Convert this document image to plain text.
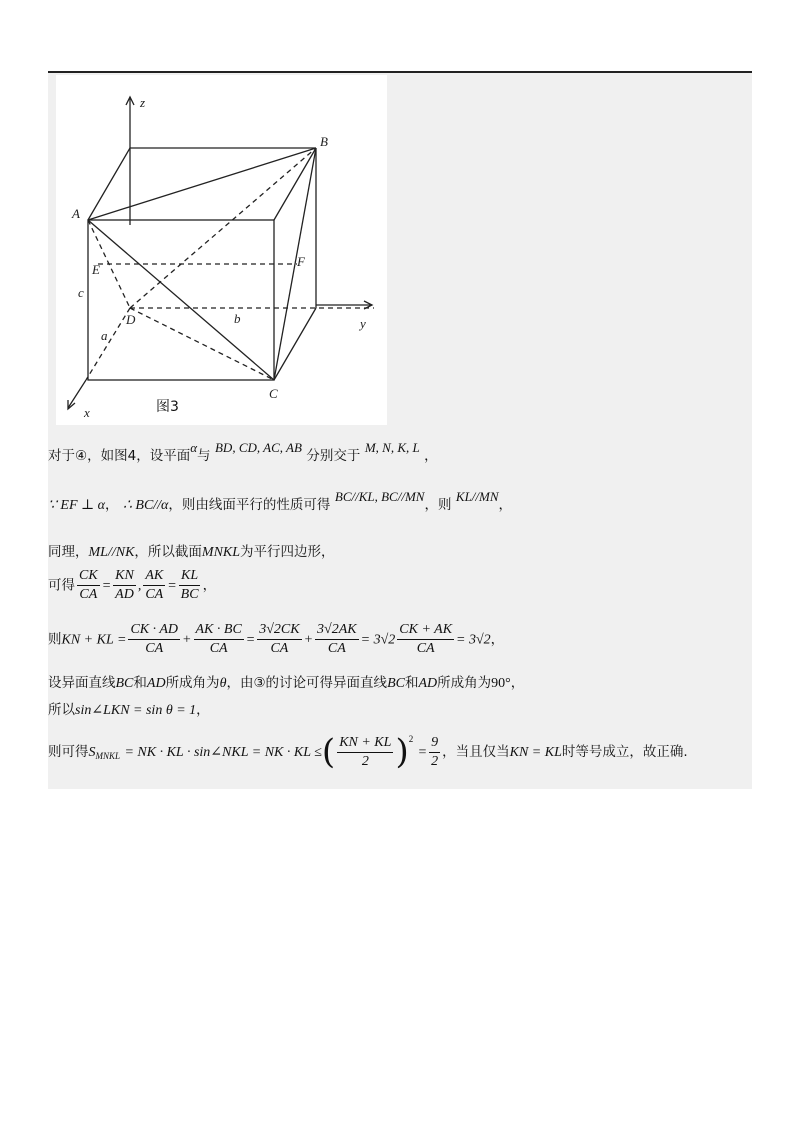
z
B
A
E
F
c
D	b	y
a
C
x	图3
对于④，如图4，设平面α与 BD, CD, AC, AB 分别交于 M, N, K, L ，
∵ EF ⊥ α， ∴ BC//α，则由线面平行的性质可得 BC//KL, BC//MN，则 KL//MN，
同理，ML//NK，所以截面MNKL为平行四边形，
可得 $\frac{CK}{CA} = \frac{KN}{AD}$ , $\frac{AK}{CA} = \frac{KL}{BC}$ ，
则KN + KL = $\frac{CK \cdot AD}{CA} + \frac{AK \cdot BC}{CA} = \frac{3√2CK}{CA} + \frac{3√2AK}{CA} = 3√2 \frac{CK + AK}{CA} = 3√2$，
设异面直线BC和AD所成角为θ，由③的讨论可得异面直线BC和AD所成角为90°，
所以sin∠LKN = sin θ = 1，
则可得$S_{MNKL}$ = NK · KL · sin∠NKL = NK · KL ≤( $\frac{KN + KL}{2} )^2 = \frac{9}{2}$ ，当且仅当KN = KL时等号成立，故正确.
